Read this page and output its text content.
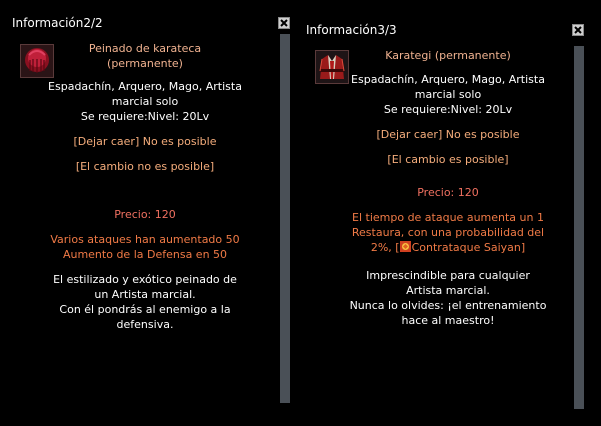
Información2/2
Peinado de karateca
(permanente)
Espadachín, Arquero, Mago, Artista
marcial solo
Se requiere:Nivel: 20Lv
[Dejar caer] No es posible
[El cambio no es posible]
Precio: 120
Varios ataques han aumentado 50
Aumento de la Defensa en 50
El estilizado y exótico peinado de
un Artista marcial.
Con él pondrás al enemigo a la
defensiva.
Información3/3
Karategi (permanente)
Espadachín, Arquero, Mago, Artista
marcial solo
Se requiere:Nivel: 20Lv
[Dejar caer] No es posible
[El cambio es posible]
Precio: 120
El tiempo de ataque aumenta un 1
Restaura, con una probabilidad del
2%, [ Contrataque Saiyan]
Imprescindible para cualquier
Artista marcial.
Nunca lo olvides: ¡el entrenamiento
hace al maestro!
